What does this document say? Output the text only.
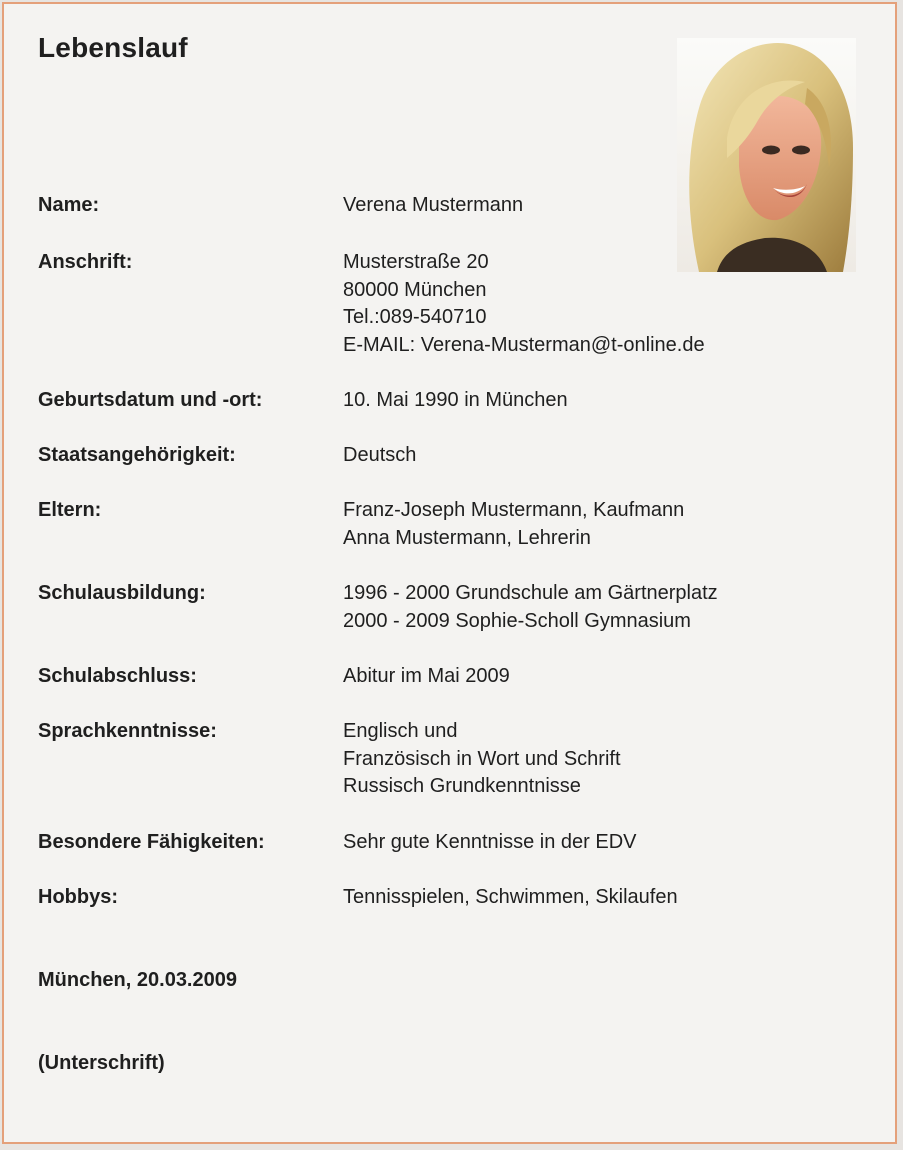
Lebenslauf
Name:	Verena Mustermann
Anschrift:	Musterstraße 20
80000 München
Tel.:089-540710
E-MAIL: Verena-Musterman@t-online.de
Geburtsdatum und -ort:	10. Mai 1990 in München
Staatsangehörigkeit:	Deutsch
Eltern:	Franz-Joseph Mustermann, Kaufmann
Anna Mustermann, Lehrerin
Schulausbildung:	1996 - 2000 Grundschule am Gärtnerplatz
2000 - 2009 Sophie-Scholl Gymnasium
Schulabschluss:	Abitur im Mai 2009
Sprachkenntnisse:	Englisch und
Französisch in Wort und Schrift
Russisch Grundkenntnisse
Besondere Fähigkeiten:	Sehr gute Kenntnisse in der EDV
Hobbys:	Tennisspielen, Schwimmen, Skilaufen
München, 20.03.2009
(Unterschrift)
